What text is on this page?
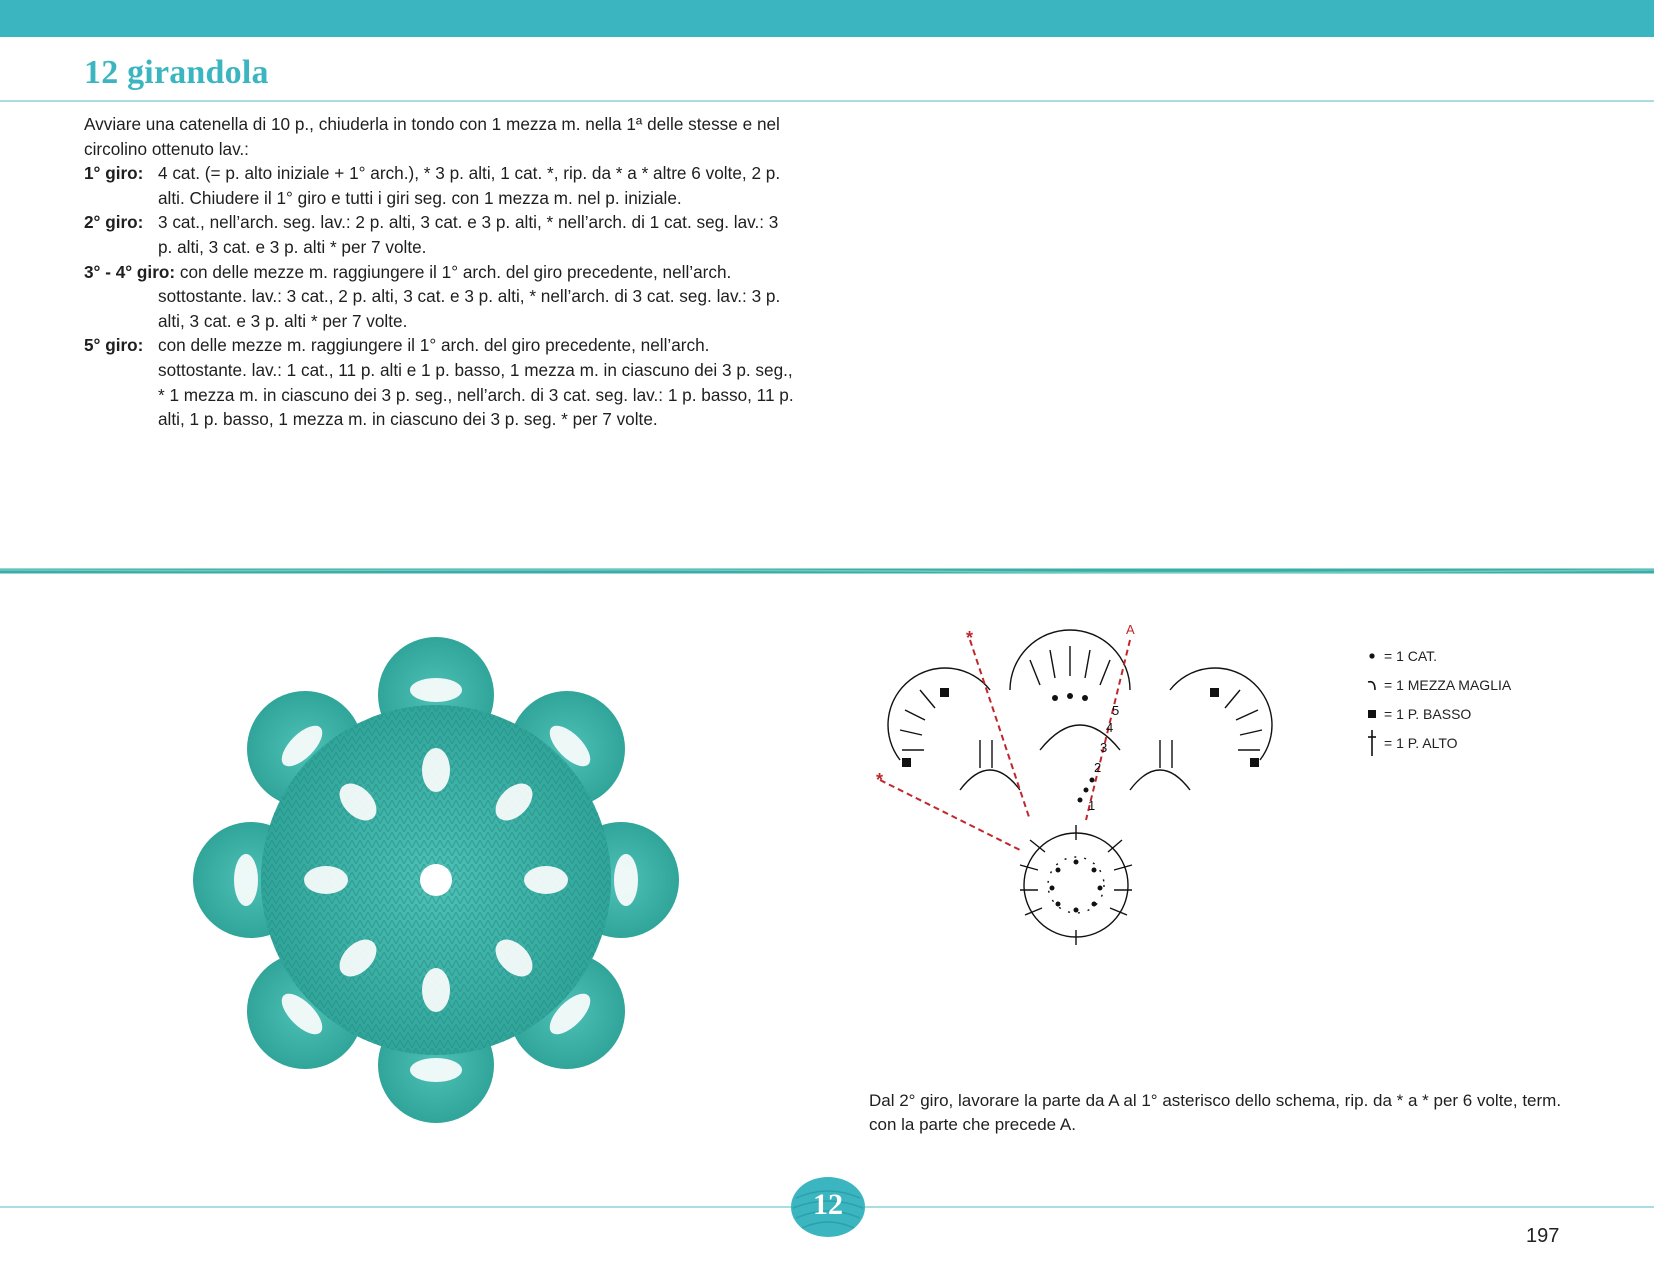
12 girandola

Avviare una catenella di 10 p., chiuderla in tondo con 1 mezza m. nella 1ª delle stesse e nel circolino ottenuto lav.:

1° giro: 4 cat. (= p. alto iniziale + 1° arch.), * 3 p. alti, 1 cat. *, rip. da * a * altre 6 volte, 2 p. alti. Chiudere il 1° giro e tutti i giri seg. con 1 mezza m. nel p. iniziale.
2° giro: 3 cat., nell’arch. seg. lav.: 2 p. alti, 3 cat. e 3 p. alti, * nell’arch. di 1 cat. seg. lav.: 3 p. alti, 3 cat. e 3 p. alti * per 7 volte.

3° - 4° giro: con delle mezze m. raggiungere il 1° arch. del giro precedente, nell’arch. sottostante. lav.: 3 cat., 2 p. alti, 3 cat. e 3 p. alti, * nell’arch. di 3 cat. seg. lav.: 3 p. alti, 3 cat. e 3 p. alti * per 7 volte.

5° giro: con delle mezze m. raggiungere il 1° arch. del giro precedente, nell’arch. sottostante. lav.: 1 cat., 11 p. alti e 1 p. basso, 1 mezza m. in ciascuno dei 3 p. seg., * 1 mezza m. in ciascuno dei 3 p. seg., nell’arch. di 3 cat. seg. lav.: 1 p. basso, 11 p. alti, 1 p. basso, 1 mezza m. in ciascuno dei 3 p. seg. * per 7 volte.
*
*
A
5
4
3
2
1
= 1 CAT.
= 1 MEZZA MAGLIA
= 1 P. BASSO
= 1 P. ALTO
Dal 2° giro, lavorare la parte da A al 1° asterisco dello schema, rip. da * a * per 6 volte, term. con la parte che precede A.
12
197
